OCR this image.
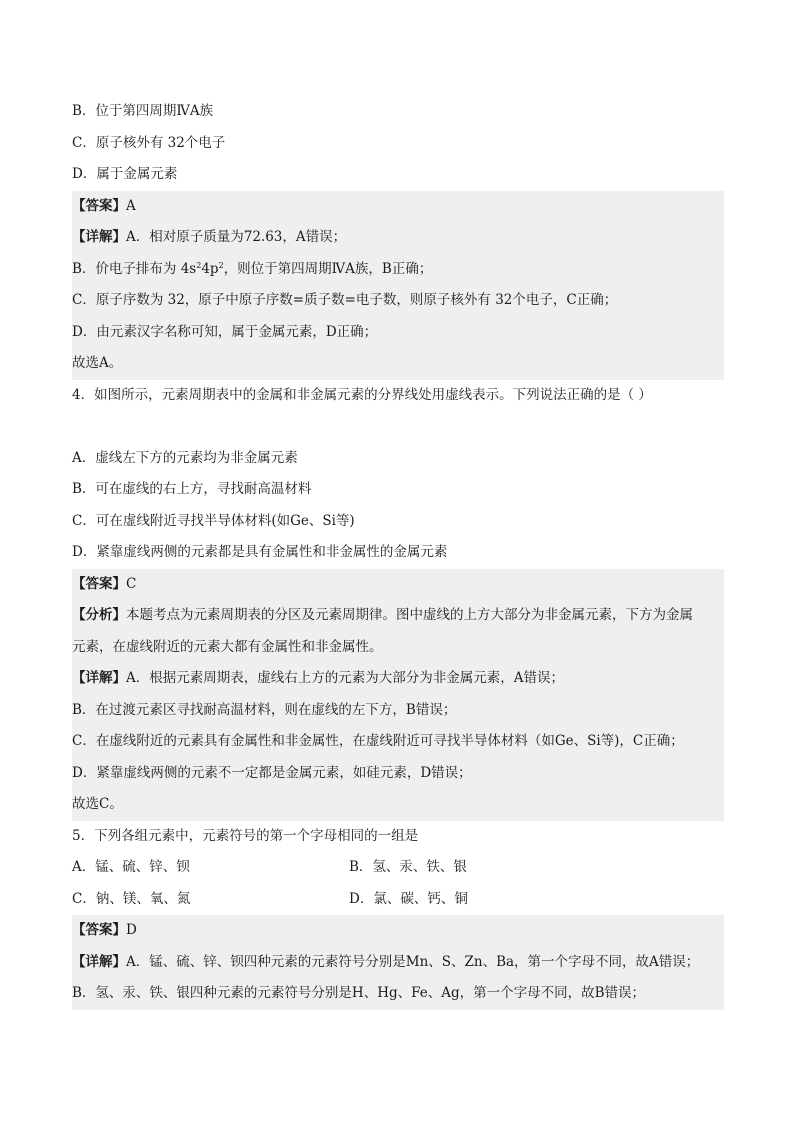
B．位于第四周期ⅣA族
C．原子核外有 32个电子
D．属于金属元素
【答案】A
【详解】A．相对原子质量为72.63，A错误；
B．价电子排布为 $4s^24p^2$，则位于第四周期ⅣA族，B正确；
C．原子序数为 32，原子中原子序数=质子数=电子数，则原子核外有 32个电子，C正确；
D．由元素汉字名称可知，属于金属元素，D正确；
故选A。
4．如图所示，元素周期表中的金属和非金属元素的分界线处用虚线表示。下列说法正确的是（ ）
A．虚线左下方的元素均为非金属元素
B．可在虚线的右上方，寻找耐高温材料
C．可在虚线附近寻找半导体材料(如Ge、Si等)
D．紧靠虚线两侧的元素都是具有金属性和非金属性的金属元素
【答案】C
【分析】本题考点为元素周期表的分区及元素周期律。图中虚线的上方大部分为非金属元素，下方为金属
元素，在虚线附近的元素大都有金属性和非金属性。
【详解】A．根据元素周期表，虚线右上方的元素为大部分为非金属元素，A错误；
B．在过渡元素区寻找耐高温材料，则在虚线的左下方，B错误；
C．在虚线附近的元素具有金属性和非金属性，在虚线附近可寻找半导体材料（如Ge、Si等)，C正确；
D．紧靠虚线两侧的元素不一定都是金属元素，如硅元素，D错误；
故选C。
5．下列各组元素中，元素符号的第一个字母相同的一组是
A．锰、硫、锌、钡	B．氢、汞、铁、银
C．钠、镁、氧、氮	D．氯、碳、钙、铜
【答案】D
【详解】A．锰、硫、锌、钡四种元素的元素符号分别是Mn、S、Zn、Ba，第一个字母不同，故A错误；
B．氢、汞、铁、银四种元素的元素符号分别是H、Hg、Fe、Ag，第一个字母不同，故B错误；
